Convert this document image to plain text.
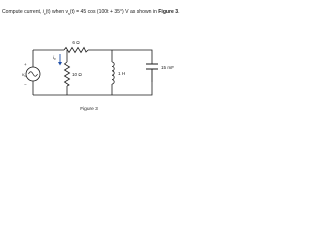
Compute current, $i_x(t)$ when $v_s(t) = 45$ cos (100t + 35°) V as shown in Figure 3.
6 Ω
10 Ω
$i_x$
+
$v_s$
−
1 H
15 mF
Figure 3
